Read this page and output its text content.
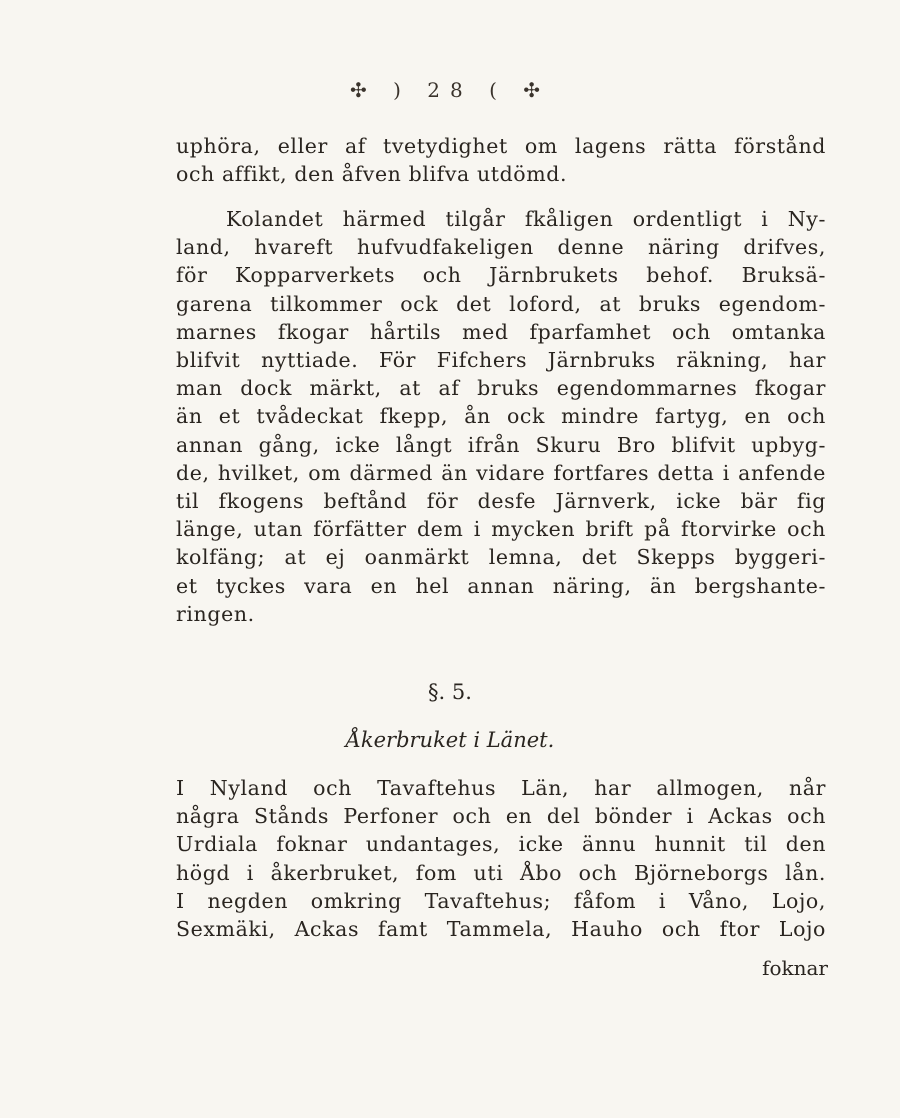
✣ ) 28 ( ✣
uphöra, eller af tvetydighet om lagens rätta förstånd
och affikt, den åfven blifva utdömd.
Kolandet härmed tilgår fkåligen ordentligt i Ny-
land, hvareft hufvudfakeligen denne näring drifves,
för Kopparverkets och Järnbrukets behof. Bruksä-
garena tilkommer ock det loford, at bruks egendom-
marnes fkogar hårtils med fparfamhet och omtanka
blifvit nyttiade. För Fifchers Järnbruks räkning, har
man dock märkt, at af bruks egendommarnes fkogar
än et tvådeckat fkepp, ån ock mindre fartyg, en och
annan gång, icke långt ifrån Skuru Bro blifvit upbyg-
de, hvilket, om därmed än vidare fortfares detta i anfende
til fkogens beftånd för desfe Järnverk, icke bär fig
länge, utan förfätter dem i mycken brift på ftorvirke och
kolfäng; at ej oanmärkt lemna, det Skepps byggeri-
et tyckes vara en hel annan näring, än bergshante-
ringen.
§. 5.
Åkerbruket i Länet.
I Nyland och Tavaftehus Län, har allmogen, når
några Stånds Perfoner och en del bönder i Ackas och
Urdiala foknar undantages, icke ännu hunnit til den
högd i åkerbruket, fom uti Åbo och Björneborgs lån.
I negden omkring Tavaftehus; fåfom i Våno, Lojo,
Sexmäki, Ackas famt Tammela, Hauho och ftor Lojo
foknar
